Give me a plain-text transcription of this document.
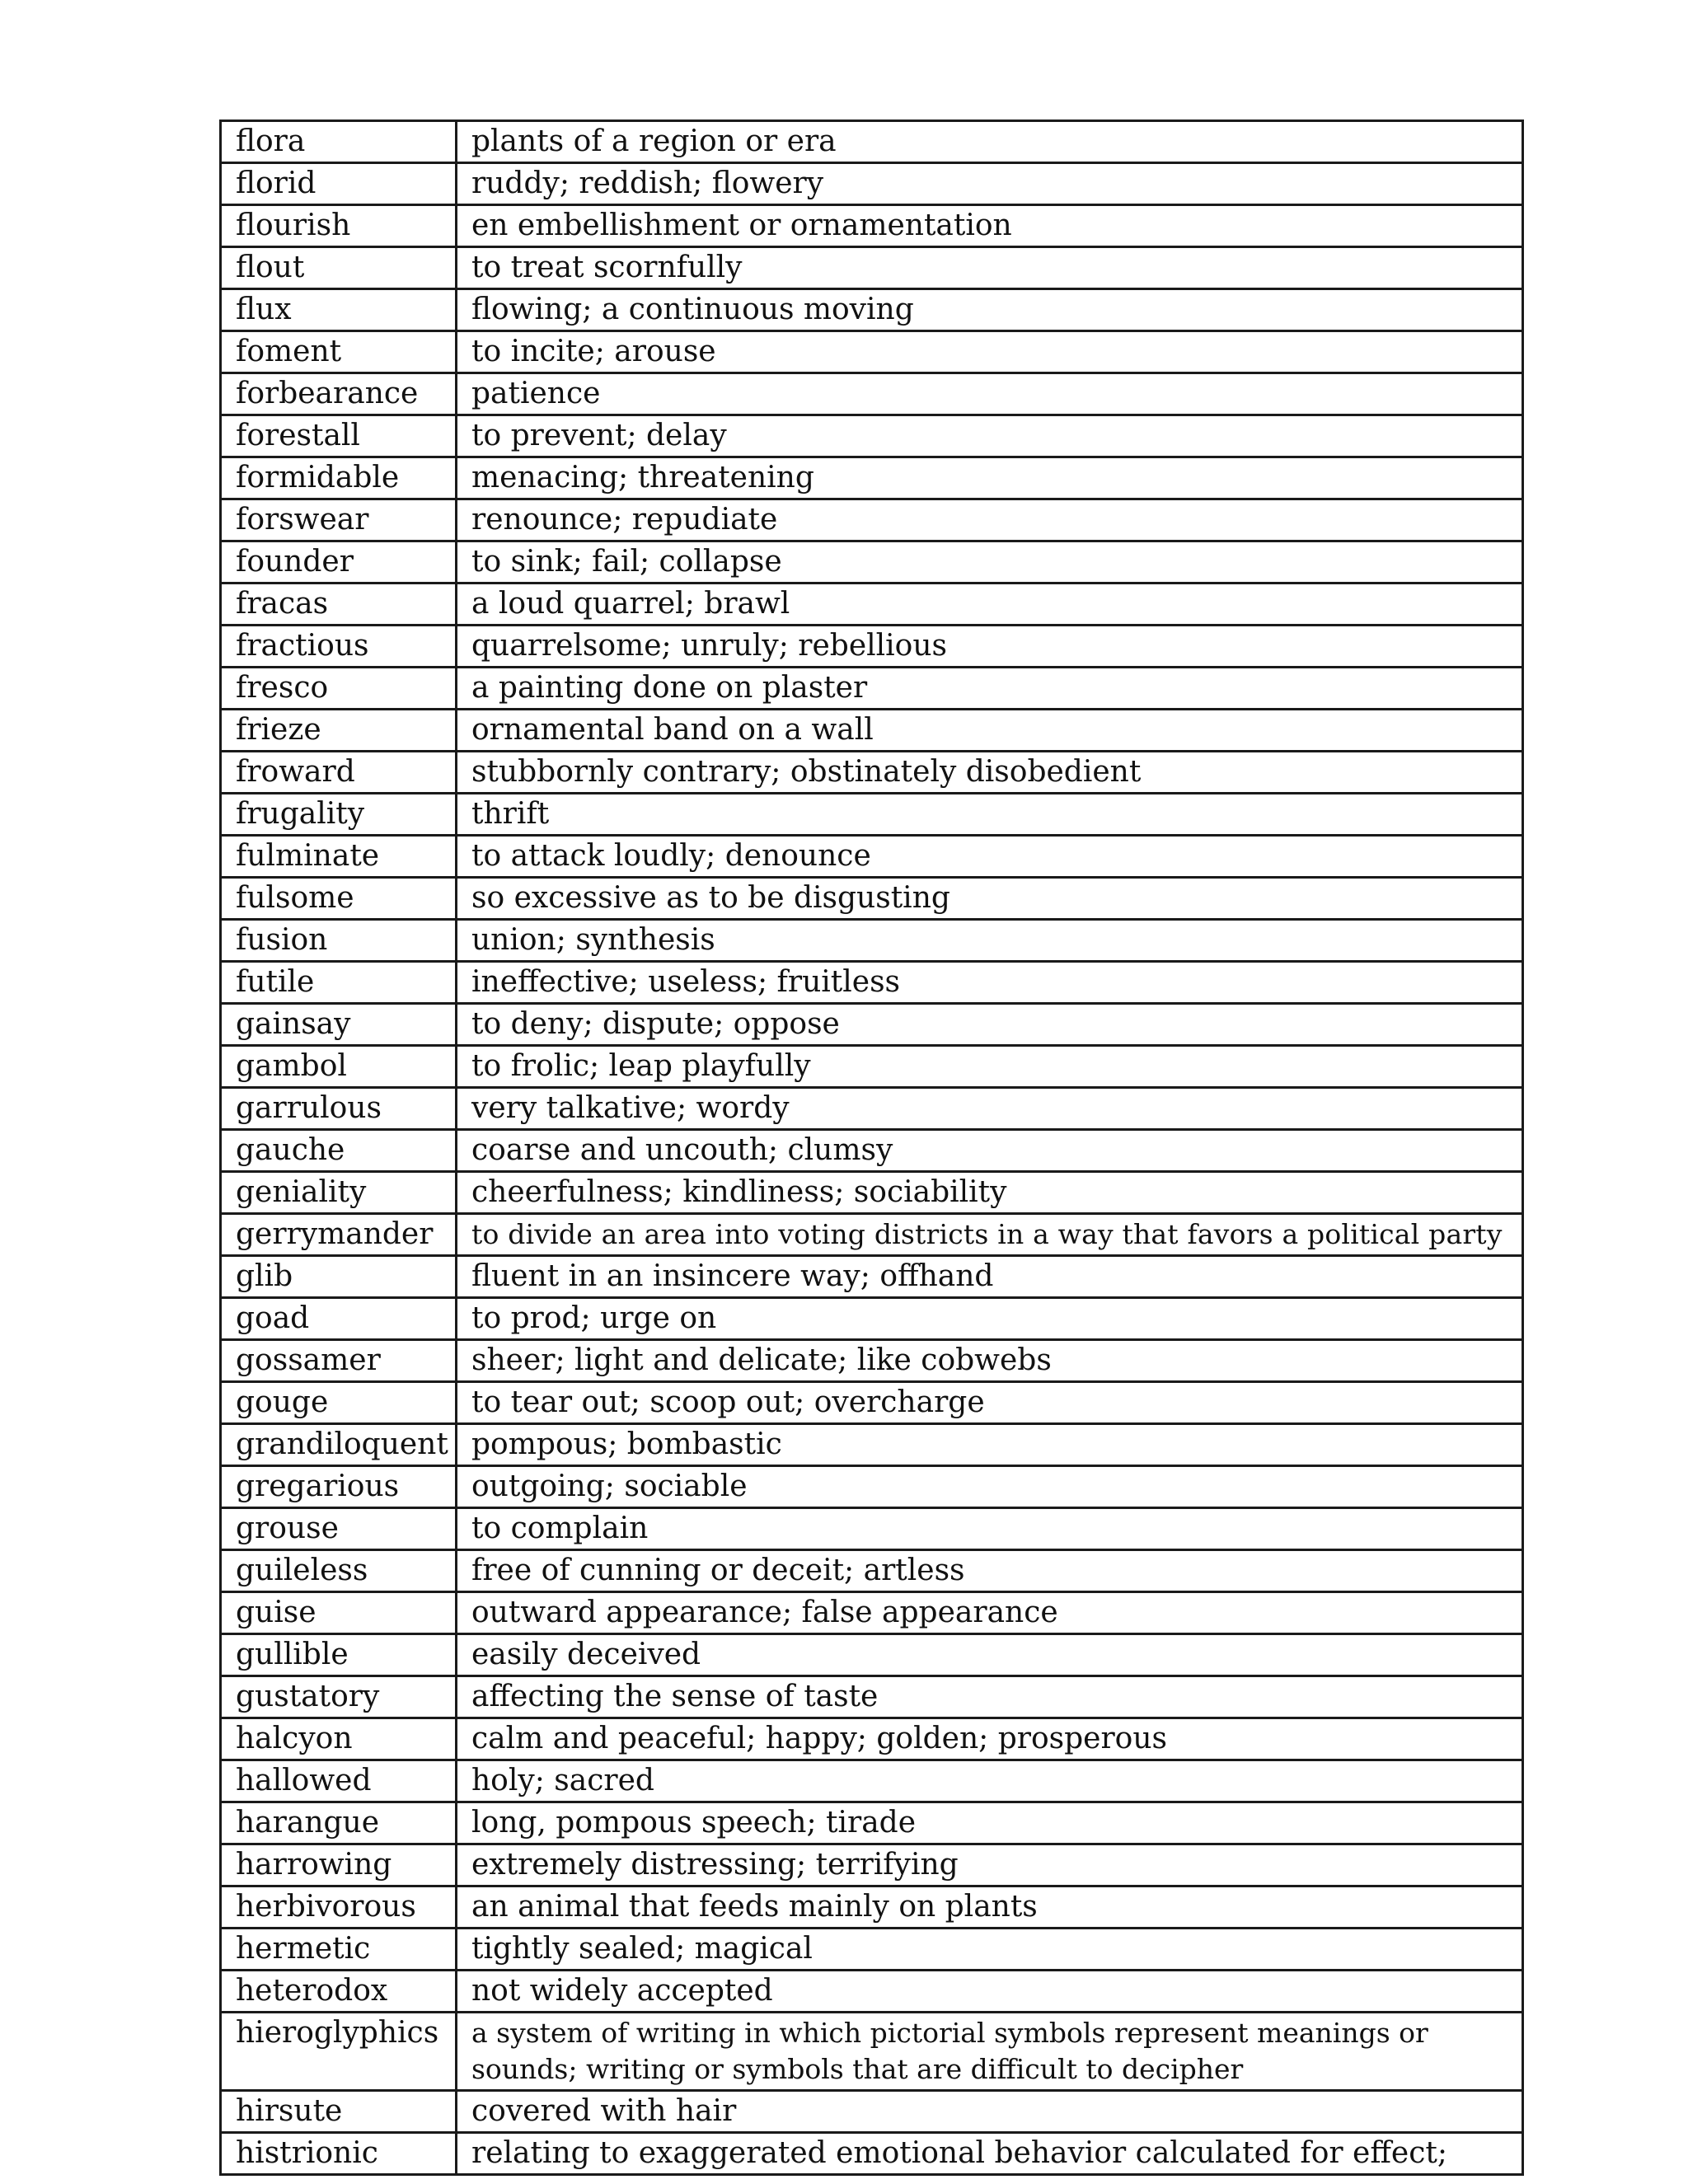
flora	plants of a region or era
florid	ruddy; reddish; flowery
flourish	en embellishment or ornamentation
flout	to treat scornfully
flux	flowing; a continuous moving
foment	to incite; arouse
forbearance	patience
forestall	to prevent; delay
formidable	menacing; threatening
forswear	renounce; repudiate
founder	to sink; fail; collapse
fracas	a loud quarrel; brawl
fractious	quarrelsome; unruly; rebellious
fresco	a painting done on plaster
frieze	ornamental band on a wall
froward	stubbornly contrary; obstinately disobedient
frugality	thrift
fulminate	to attack loudly; denounce
fulsome	so excessive as to be disgusting
fusion	union; synthesis
futile	ineffective; useless; fruitless
gainsay	to deny; dispute; oppose
gambol	to frolic; leap playfully
garrulous	very talkative; wordy
gauche	coarse and uncouth; clumsy
geniality	cheerfulness; kindliness; sociability
gerrymander	to divide an area into voting districts in a way that favors a political party
glib	fluent in an insincere way; offhand
goad	to prod; urge on
gossamer	sheer; light and delicate; like cobwebs
gouge	to tear out; scoop out; overcharge
grandiloquent	pompous; bombastic
gregarious	outgoing; sociable
grouse	to complain
guileless	free of cunning or deceit; artless
guise	outward appearance; false appearance
gullible	easily deceived
gustatory	affecting the sense of taste
halcyon	calm and peaceful; happy; golden; prosperous
hallowed	holy; sacred
harangue	long, pompous speech; tirade
harrowing	extremely distressing; terrifying
herbivorous	an animal that feeds mainly on plants
hermetic	tightly sealed; magical
heterodox	not widely accepted
hieroglyphics	a system of writing in which pictorial symbols represent meanings or sounds; writing or symbols that are difficult to decipher
hirsute	covered with hair
histrionic	relating to exaggerated emotional behavior calculated for effect;
